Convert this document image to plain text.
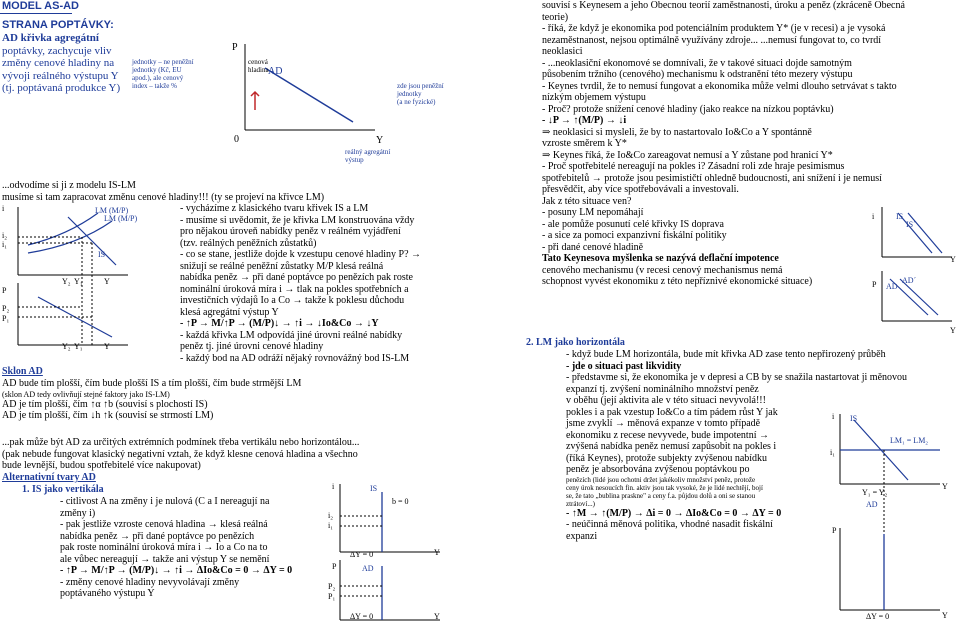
MODEL AS-AD
STRANA POPTÁVKY:
AD křivka agregátní
poptávky, zachycuje vliv
změny cenové hladiny na
vývoji reálného výstupu Y
(tj. poptávaná produkce Y)
jednotky – ne peněžní
jednotky (Kč, EU
apod.), ale cenový
index – takže %
P
cenová
hladina AD
0	Y
reálný agregátní
výstup
zde jsou peněžní
jednotky
(a ne fyzické)
...odvodíme si ji z modelu IS-LM
musíme si tam zapracovat změnu cenové hladiny!!! (ty se projeví na křivce LM)
i
i₂
i₁
LM (M/P)
LM (M/P)
IS
Y₂ Y₁	Y
P
P₂
P₁
Y₂ Y₁	Y
- vycházíme z klasického tvaru křivek IS a LM
- musíme si uvědomit, že je křivka LM konstruována vždy
pro nějakou úroveň nabídky peněz v reálném vyjádření
(tzv. reálných peněžních zůstatků)
- co se stane, jestliže dojde k vzestupu cenové hladiny P? →
snižují se reálné peněžní zůstatky M/P klesá reálná
nabídka peněz → při dané poptávce po penězích pak roste
nominální úroková míra i → tlak na pokles spotřebních a
investičních výdajů Io a Co → takže k poklesu důchodu
klesá agregátní výstup Y
- ↑P → M/↑P → (M/P)↓ → ↑i → ↓Io&Co → ↓Y
- každá křivka LM odpovídá jiné úrovni reálné nabídky
peněz tj. jiné úrovni cenové hladiny
- každý bod na AD odráží nějaký rovnovážný bod IS-LM
Sklon AD
AD bude tím plošší, čím bude plošší IS a tím plošší, čím bude strmější LM
(sklon AD tedy ovlivňují stejné faktory jako IS-LM)
AD je tím plošší, čím ↑α ↑b (souvisí s plochostí IS)
AD je tím plošší, čím ↓h ↑k (souvisí se strmostí LM)
...pak může být AD za určitých extrémních podmínek třeba vertikálu nebo horizontálou...
(pak nebude fungovat klasický negativní vztah, že když klesne cenová hladina a všechno
bude levnější, budou spotřebitelé více nakupovat)
Alternativní tvary AD
1. IS jako vertikála
- citlivost A na změny i je nulová (C a I nereagují na
změny i)
- pak jestliže vzroste cenová hladina → klesá reálná
nabídka peněz → při dané poptávce po penězích
pak roste nominální úroková míra i → Io a Co na to
ale vůbec nereagují → takže ani výstup Y se nemění
- ↑P → M/↑P → (M/P)↓ → ↑i → ΔIo&Co = 0 → ΔY = 0
- změny cenové hladiny nevyvolávají změny
poptávaného výstupu Y
i	IS
b = 0
i₂
i₁
Y
ΔY = 0
P	AD
P₂
P₁
Y
ΔY = 0
souvisí s Keynesem a jeho Obecnou teorií zaměstnanosti, úroku a peněz (zkráceně Obecná
teorie)
- říká, že když je ekonomika pod potenciálním produktem Y* (je v recesi) a je vysoká
nezaměstnanost, nejsou optimálně využívány zdroje... ...nemusí fungovat to, co tvrdí
neoklasici
- ...neoklasiční ekonomové se domnívali, že v takové situaci dojde samotným
působením tržního (cenového) mechanismu k odstranění této mezery výstupu
- Keynes tvrdil, že to nemusí fungovat a ekonomika může velmi dlouho setrvávat s takto
nízkým objemem výstupu
- Proč? protože snížení cenové hladiny (jako reakce na nízkou poptávku)
- ↓P → ↑(M/P) → ↓i
⇒ neoklasici si mysleli, že by to nastartovalo Io&Co a Y spontánně
vzroste směrem k Y*
⇒ Keynes říká, že Io&Co zareagovat nemusí a Y zůstane pod hranicí Y*
- Proč spotřebitelé nereagují na pokles i? Zásadní roli zde hraje pesimismus
spotřebitelů → protože jsou pesimističtí ohledně budoucnosti, ani snížení i je nemusí
přesvědčit, aby více spotřebovávali a investovali.
Jak z této situace ven?
- posuny LM nepomáhají
- ale pomůže posunutí celé křivky IS doprava
- a sice za pomoci expanzivní fiskální politiky
- při dané cenové hladině
Tato Keynesova myšlenka se nazývá deflační impotence
cenového mechanismu (v recesi cenový mechanismus nemá
schopnost vyvést ekonomiku z této nepříznivé ekonomické situace)
i	IS
IS´
Y
P AD
AD´
Y
2. LM jako horizontála
- když bude LM horizontála, bude mít křivka AD zase tento nepřirozený průběh
- jde o situaci past likvidity
- představme si, že ekonomika je v depresi a CB by se snažila nastartovat ji měnovou
expanzí tj. zvýšení nominálního množství peněz
v oběhu (její aktivita ale v této situaci nevyvolá!!!
pokles i a pak vzestup Io&Co a tím pádem růst Y jak
jsme zvyklí → měnová expanze v tomto případě
ekonomiku z recese nevyvede, bude impotentní →
zvýšená nabídka peněz nemusí zapůsobit na pokles i
(říká Keynes), protože subjekty zvýšenou nabídku
peněz je absorbována zvýšenou poptávkou po
penězích (lidé jsou ochotni držet jakékoliv množství peněz, protože
ceny úrok nesoucích fin. aktiv jsou tak vysoké, že je lidé nechtějí, bojí
se, že tato „bublina praskne" a ceny f.a. půjdou dolů a oni se stanou
ztrátoví...)
- ↑M → ↑(M/P) → Δi = 0 → ΔIo&Co = 0 → ΔY = 0
- neúčinná měnová politika, vhodné nasadit fiskální
expanzi
i IS
LM₁ = LM₂
i₁
Y₁ = Y₂
Y
P
AD
Y
ΔY = 0
